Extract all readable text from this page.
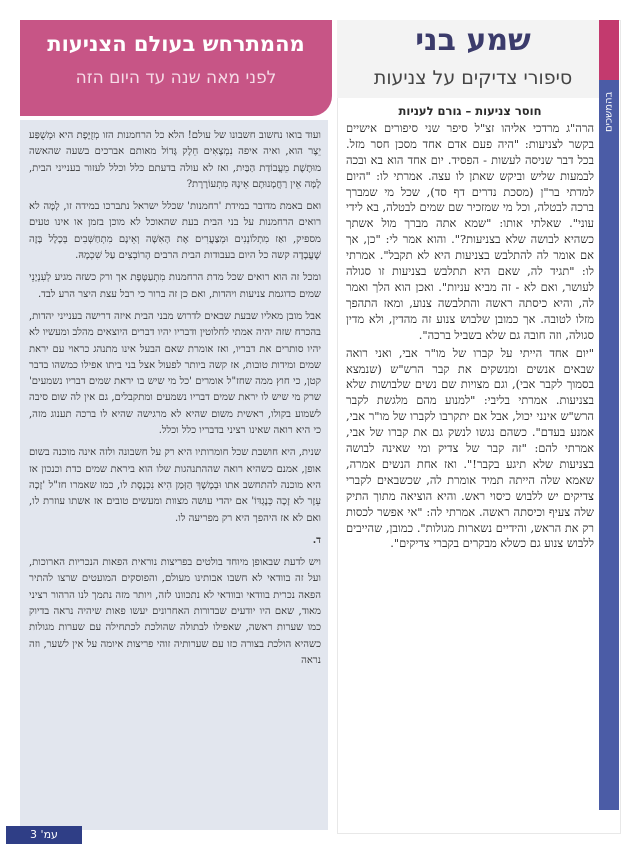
שמע בני
סיפורי צדיקים על צניעות
בהמשכים
חוסר צניעות – גורם לעניות

הרה"ג מרדכי אליהו זצ"ל סיפר שני סיפורים אישיים בקשר לצניעות: "היה פעם אדם אחד מסכן חסר מזל. בכל דבר שניסה לעשות - הפסיד. יום אחד הוא בא ובכה לבמעות שליש וביקש שאתן לו עצה. אמרתי לו: "היום למדתי בר"ן (מסכת נדרים דף סד), שכל מי שמברך ברכה לבטלה, וכל מי שמזכיר שם שמים לבטלה, בא לידי עוני". שאלתי אותו: "שמא אתה מברך מול אשתך כשהיא לבושה שלא בצניעות?". והוא אמר לי: "כן, אך אם אומר לה להתלבש בצניעות היא לא תקבל". אמרתי לו: "תגיד לה, שאם היא תתלבש בצניעות זו סגולה לעושר, ואם לא - זה מביא עניות". ואכן הוא הלך ואמר לה, והיא כיסתה ראשה והתלבשה צנוע, ומאז התהפך מזלו לטובה. אך כמובן שלבוש צנוע זה מהדין, ולא מדין סגולה, וזה חובה גם שלא בשביל ברכה".

"יום אחד הייתי על קברו של מו"ר אבי, ואני רואה שבאים אנשים ומנשקים את קבר הרש"ש (שנמצא בסמוך לקבר אבי), וגם מצויות שם נשים שלבושות שלא בצניעות. אמרתי בליבי: "למנוע מהם מלגשת לקבר הרש"ש אינני יכול, אבל אם יתקרבו לקברו של מו"ר אבי, אמנע בעדם". כשהם נגשו לנשק גם את קברו של אבי, אמרתי להם: "זה קבר של צדיק ומי שאינה לבושה בצניעות שלא תיגע בקבר!". ואז אחת הנשים אמרה, שאמא שלה הייתה תמיד אומרת לה, שכשבאים לקברי צדיקים יש ללבוש כיסוי ראש. והיא הוציאה מתוך התיק שלה צעיף וכיסתה ראשה. אמרתי לה: "אי אפשר לכסות רק את הראש, והידיים נשארות מגולות". כמובן, שהייבים ללבוש צנוע גם כשלא מבקרים בקברי צדיקים".

מהמתרחש בעולם הצניעות
לפני מאה שנה עד היום הזה

ועוד בואו נחשוב חשבונו של עולם! הלא כל הרחמנות הזו מְזֻיֶּפֶת היא וּמְשֻׁפַּע יֵצֶר הוא, ואיה איפה נִמְצָאִים חֵלֶק גָּדוֹל מאותם אברכים בשעה שהאשה מוּתֶשֶׁת מֵעֲבוֹדַת הַבַּיִת, ואז לא עולה בדעתם כלל וכלל לעזור בענייני הבית, לָמָּה אֵין רַחֲמָנוּתָם אֵינָהּ מִתְעוֹרֶרֶת?

ואם באמת מדובר במידת 'רחמנות' שכלל ישראל נתברכו במידה זו, לָמָּה לא רואים הרחמנות על בני הבית בעת שהאוכל לא מוכן בזמן או אינו טעים מספיק, ואַז מִתְלוֹנְנִים וּמְצַעֲרִים אֶת הָאִשָּׁה וְאֵינָם מִתְחַשְּׁבִים בְּכָלָל בָּזֶה שֶׁעֲבָדָה קשה כל היום בעבודות הבית הרבים הָרוֹבְצִים עַל שִׁכְמָהּ.

ומכל זה הוא רואים שכל מדת הרחמנות מִתְעַטֶּפֶת אך ורק כשזה מגיע לְעִנְיָנֵי שמים כדוגמת צניעות ויהדות, ואם כן זה ברור כי רבל עצת היצר הרע לבד.

אבל מובן מאליו שבעת שבאים לדרוש מבני הבית איזה דרישה בענייני יהדות, בהכרח שזה יהיה אמתי לחלוטין ודבריו יהיו דברים היוצאים מהלב ומעשיו לא יהיו סותרים את דבריו, ואז אומרת שאם הבעל אינו מתנהג כראוי עם יראת שמים ומידות טובות, אז קשה ביותר לפעול אצל בני ביתו אפילו כמשהו בדבר קטן, כי חוץ ממה שחז"ל אומרים 'כל מי שיש בו יראת שמים דבריו נשמעים' שרק מי שיש לו יראת שמים דבריו נשמעים ומתקבלים, גם אין לה שום סיבה לשמוע בקולו, ראשית משום שהיא לא מרגישה שהיא לו ברכה תענוג מזה, כי היא רואה שאינו רציני בדבריו כלל וכלל.

שנית, היא חושבת שכל חומרותיו היא רק על חשבונה ולזה אינה מוכנה בשום אופן, אמנם כשהיא רואה שההתנהגות שלו הוא ביראת שמים כדת וכנכון אז היא מוכנה להתחשב אתו וּבְמֶשֶׁךְ הַזְּמַן הִיא נִכְנֶסֶת לו, כמו שאמרו חז"ל 'זָכָה עֵזֶר לא זָכָה כְּנֶגְדּוֹ' אם יהדי עושה מצוות ומעשים טובים אז אשתו עוזרת לו, ואם לא אז היהפך היא רק מפריעה לו.

ד.

ויש לדעת שבאופן מיוחד בולטים בפריצות נוראית הפאות הנכריות הארוכות, ועל זה בוודאי לא חשבו אבותינו מעולם, והפוסקים המועטים שרצו להתיר הפאה נכרית בוודאי ובוודאי לא נתכוונו לזה, ויותר מזה נתמך לנו הרהור רציני מאוד, שאם היו יודעים שבדורות האחרונים יעשו פאות שיהיה נראה בדיוק כמו שערות ראשה, שאפילו לבתולה שהולכת לכתחילה עם שערות מגולות כשהיא הולכת בצורה כזו עם שערותיה זוהי פריצות איומה על אין לשער, וזה נראה

עמ' 3
